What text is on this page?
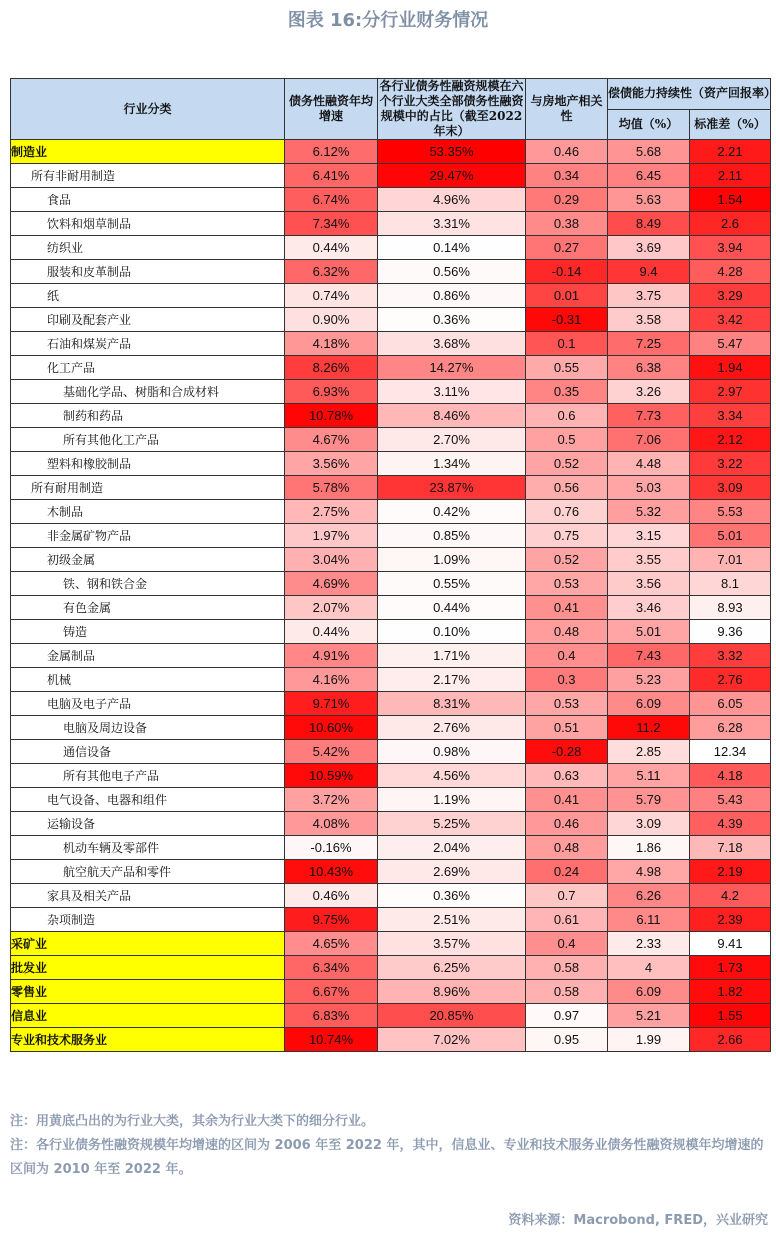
图表 16:分行业财务情况
行业分类	债务性融资年均增速	各行业债务性融资规模在六个行业大类全部债务性融资规模中的占比（截至2022年末）	与房地产相关性	偿债能力持续性（资产回报率）	
				均值（%）	标准差（%）
制造业	6.12%	53.35%	0.46	5.68	2.21
所有非耐用制造	6.41%	29.47%	0.34	6.45	2.11
食品	6.74%	4.96%	0.29	5.63	1.54
饮料和烟草制品	7.34%	3.31%	0.38	8.49	2.6
纺织业	0.44%	0.14%	0.27	3.69	3.94
服装和皮革制品	6.32%	0.56%	-0.14	9.4	4.28
纸	0.74%	0.86%	0.01	3.75	3.29
印刷及配套产业	0.90%	0.36%	-0.31	3.58	3.42
石油和煤炭产品	4.18%	3.68%	0.1	7.25	5.47
化工产品	8.26%	14.27%	0.55	6.38	1.94
基础化学品、树脂和合成材料	6.93%	3.11%	0.35	3.26	2.97
制药和药品	10.78%	8.46%	0.6	7.73	3.34
所有其他化工产品	4.67%	2.70%	0.5	7.06	2.12
塑料和橡胶制品	3.56%	1.34%	0.52	4.48	3.22
所有耐用制造	5.78%	23.87%	0.56	5.03	3.09
木制品	2.75%	0.42%	0.76	5.32	5.53
非金属矿物产品	1.97%	0.85%	0.75	3.15	5.01
初级金属	3.04%	1.09%	0.52	3.55	7.01
铁、钢和铁合金	4.69%	0.55%	0.53	3.56	8.1
有色金属	2.07%	0.44%	0.41	3.46	8.93
铸造	0.44%	0.10%	0.48	5.01	9.36
金属制品	4.91%	1.71%	0.4	7.43	3.32
机械	4.16%	2.17%	0.3	5.23	2.76
电脑及电子产品	9.71%	8.31%	0.53	6.09	6.05
电脑及周边设备	10.60%	2.76%	0.51	11.2	6.28
通信设备	5.42%	0.98%	-0.28	2.85	12.34
所有其他电子产品	10.59%	4.56%	0.63	5.11	4.18
电气设备、电器和组件	3.72%	1.19%	0.41	5.79	5.43
运输设备	4.08%	5.25%	0.46	3.09	4.39
机动车辆及零部件	-0.16%	2.04%	0.48	1.86	7.18
航空航天产品和零件	10.43%	2.69%	0.24	4.98	2.19
家具及相关产品	0.46%	0.36%	0.7	6.26	4.2
杂项制造	9.75%	2.51%	0.61	6.11	2.39
采矿业	4.65%	3.57%	0.4	2.33	9.41
批发业	6.34%	6.25%	0.58	4	1.73
零售业	6.67%	8.96%	0.58	6.09	1.82
信息业	6.83%	20.85%	0.97	5.21	1.55
专业和技术服务业	10.74%	7.02%	0.95	1.99	2.66
注：用黄底凸出的为行业大类，其余为行业大类下的细分行业。
注：各行业债务性融资规模年均增速的区间为 2006 年至 2022 年，其中，信息业、专业和技术服务业债务性融资规模年均增速的区间为 2010 年至 2022 年。
资料来源：Macrobond, FRED，兴业研究
